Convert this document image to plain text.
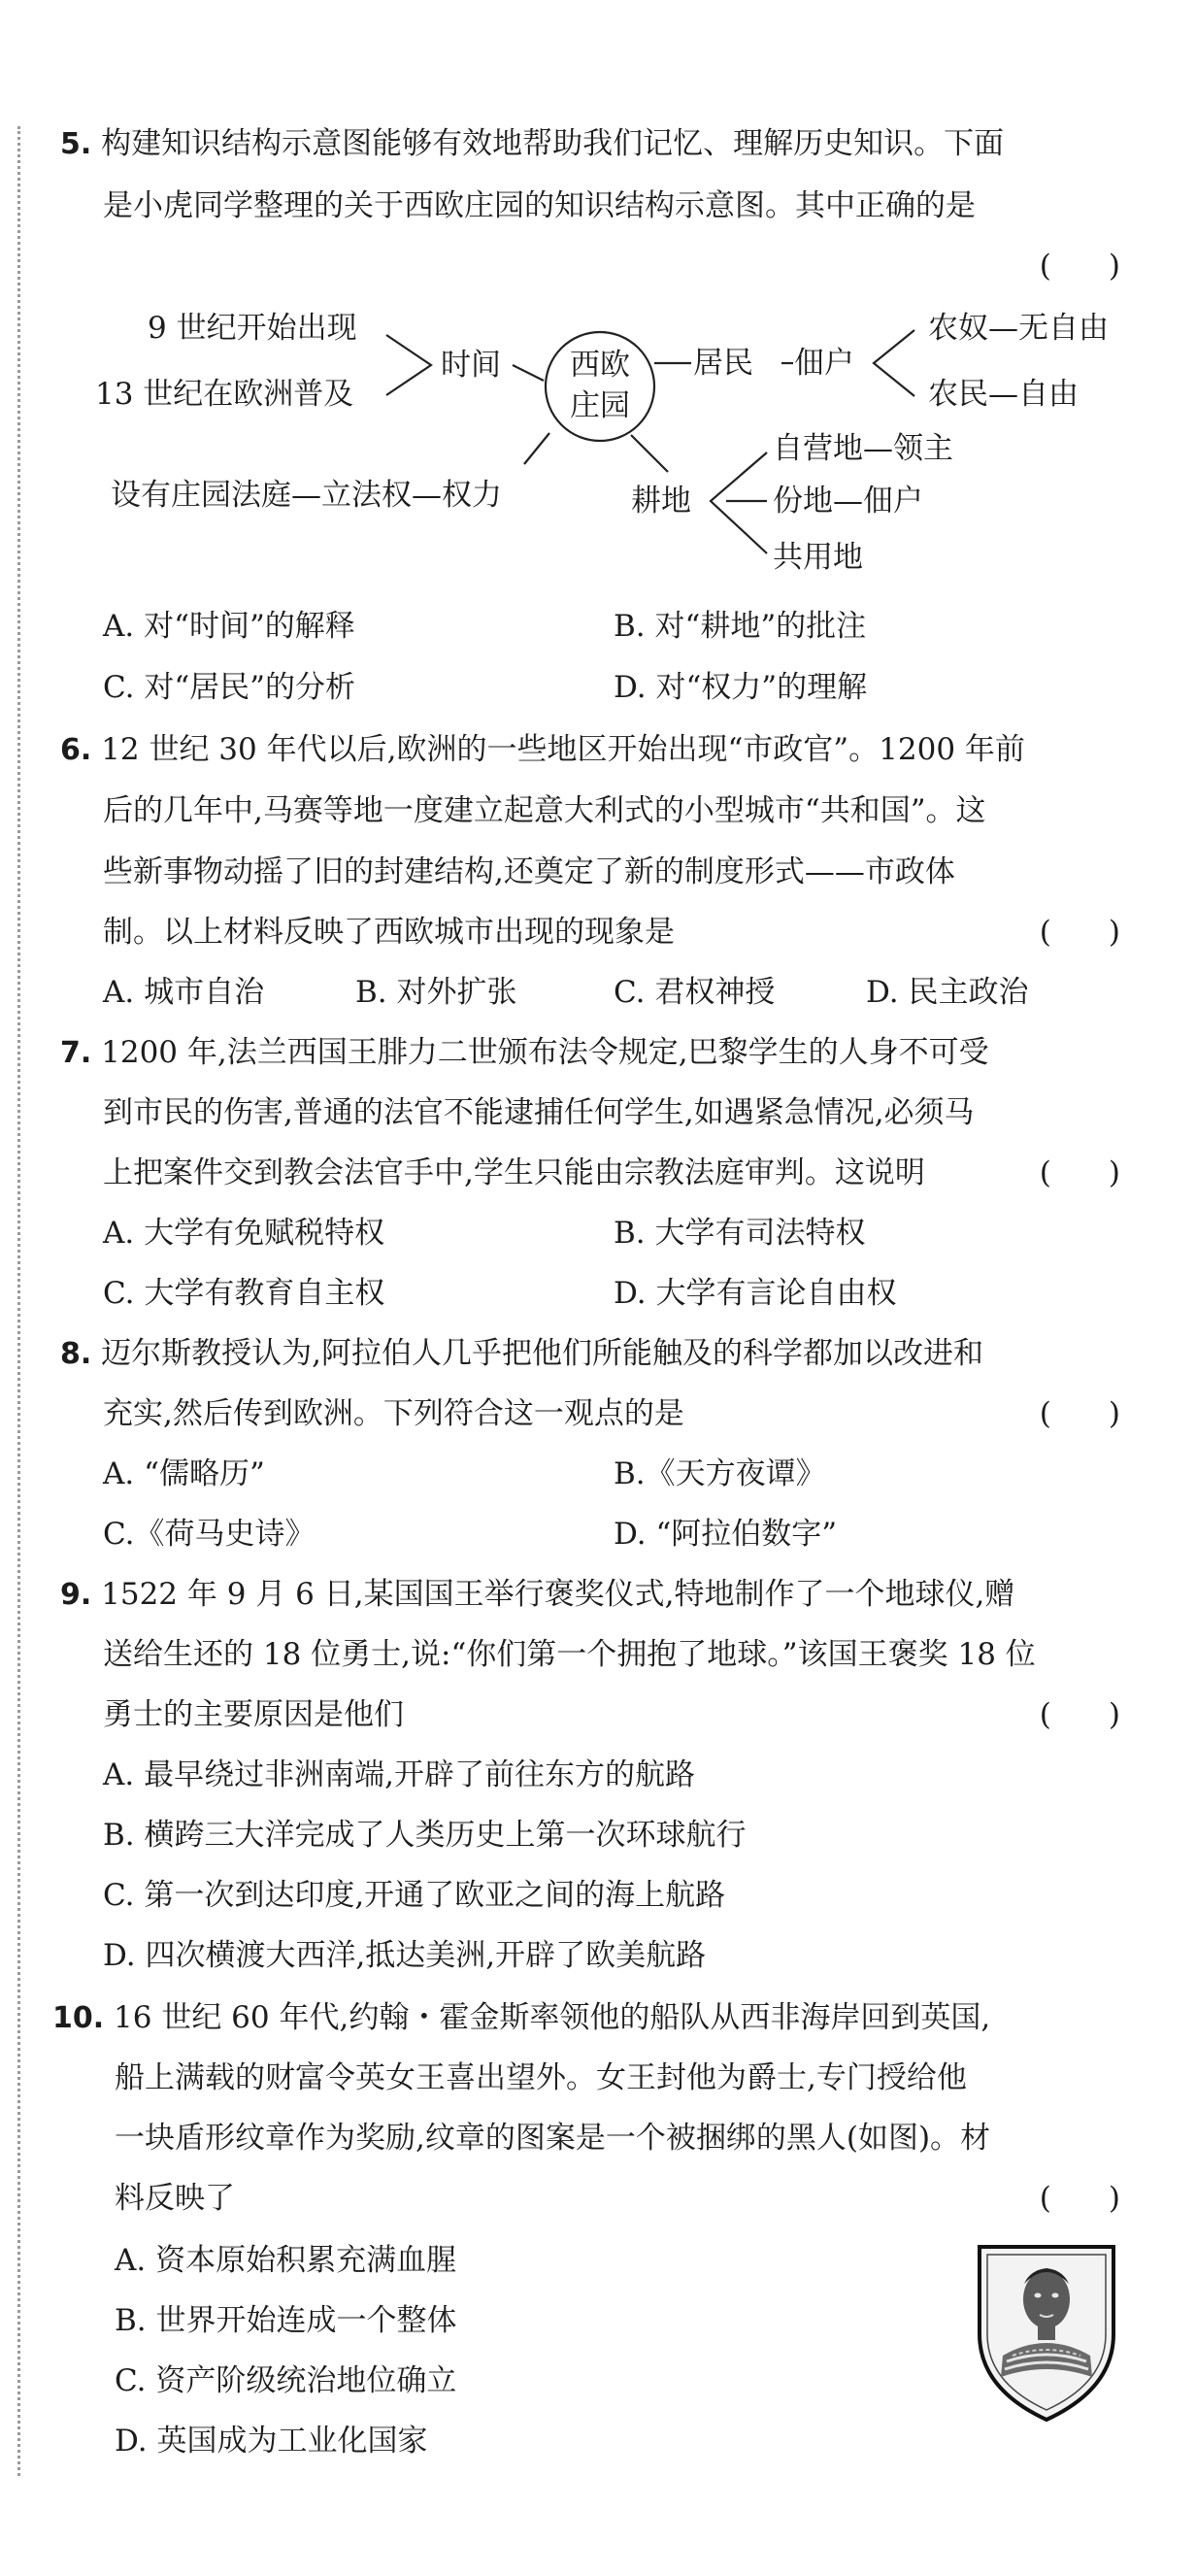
5. 构建知识结构示意图能够有效地帮助我们记忆、理解历史知识。下面
是小虎同学整理的关于西欧庄园的知识结构示意图。其中正确的是
(      )
9 世纪开始出现
13 世纪在欧洲普及
时间 西欧
庄园
居民 佃户
农奴—无自由
农民—自由
设有庄园法庭—立法权—权力	耕地
自营地—领主
份地—佃户
共用地
A. 对“时间”的解释	B. 对“耕地”的批注
C. 对“居民”的分析	D. 对“权力”的理解
6. 12 世纪 30 年代以后,欧洲的一些地区开始出现“市政官”。1200 年前
后的几年中,马赛等地一度建立起意大利式的小型城市“共和国”。这
些新事物动摇了旧的封建结构,还奠定了新的制度形式——市政体
制。以上材料反映了西欧城市出现的现象是	(      )
A. 城市自治	B. 对外扩张	C. 君权神授	D. 民主政治
7. 1200 年,法兰西国王腓力二世颁布法令规定,巴黎学生的人身不可受
到市民的伤害,普通的法官不能逮捕任何学生,如遇紧急情况,必须马
上把案件交到教会法官手中,学生只能由宗教法庭审判。这说明	(      )
A. 大学有免赋税特权	B. 大学有司法特权
C. 大学有教育自主权	D. 大学有言论自由权
8. 迈尔斯教授认为,阿拉伯人几乎把他们所能触及的科学都加以改进和
充实,然后传到欧洲。下列符合这一观点的是	(      )
A. “儒略历”	B.《天方夜谭》
C.《荷马史诗》	D. “阿拉伯数字”
9. 1522 年 9 月 6 日,某国国王举行褒奖仪式,特地制作了一个地球仪,赠
送给生还的 18 位勇士,说:“你们第一个拥抱了地球。”该国王褒奖 18 位
勇士的主要原因是他们	(      )
A. 最早绕过非洲南端,开辟了前往东方的航路
B. 横跨三大洋完成了人类历史上第一次环球航行
C. 第一次到达印度,开通了欧亚之间的海上航路
D. 四次横渡大西洋,抵达美洲,开辟了欧美航路
10. 16 世纪 60 年代,约翰・霍金斯率领他的船队从西非海岸回到英国,
船上满载的财富令英女王喜出望外。女王封他为爵士,专门授给他
一块盾形纹章作为奖励,纹章的图案是一个被捆绑的黑人(如图)。材
料反映了	(      )
A. 资本原始积累充满血腥
B. 世界开始连成一个整体
C. 资产阶级统治地位确立
D. 英国成为工业化国家
